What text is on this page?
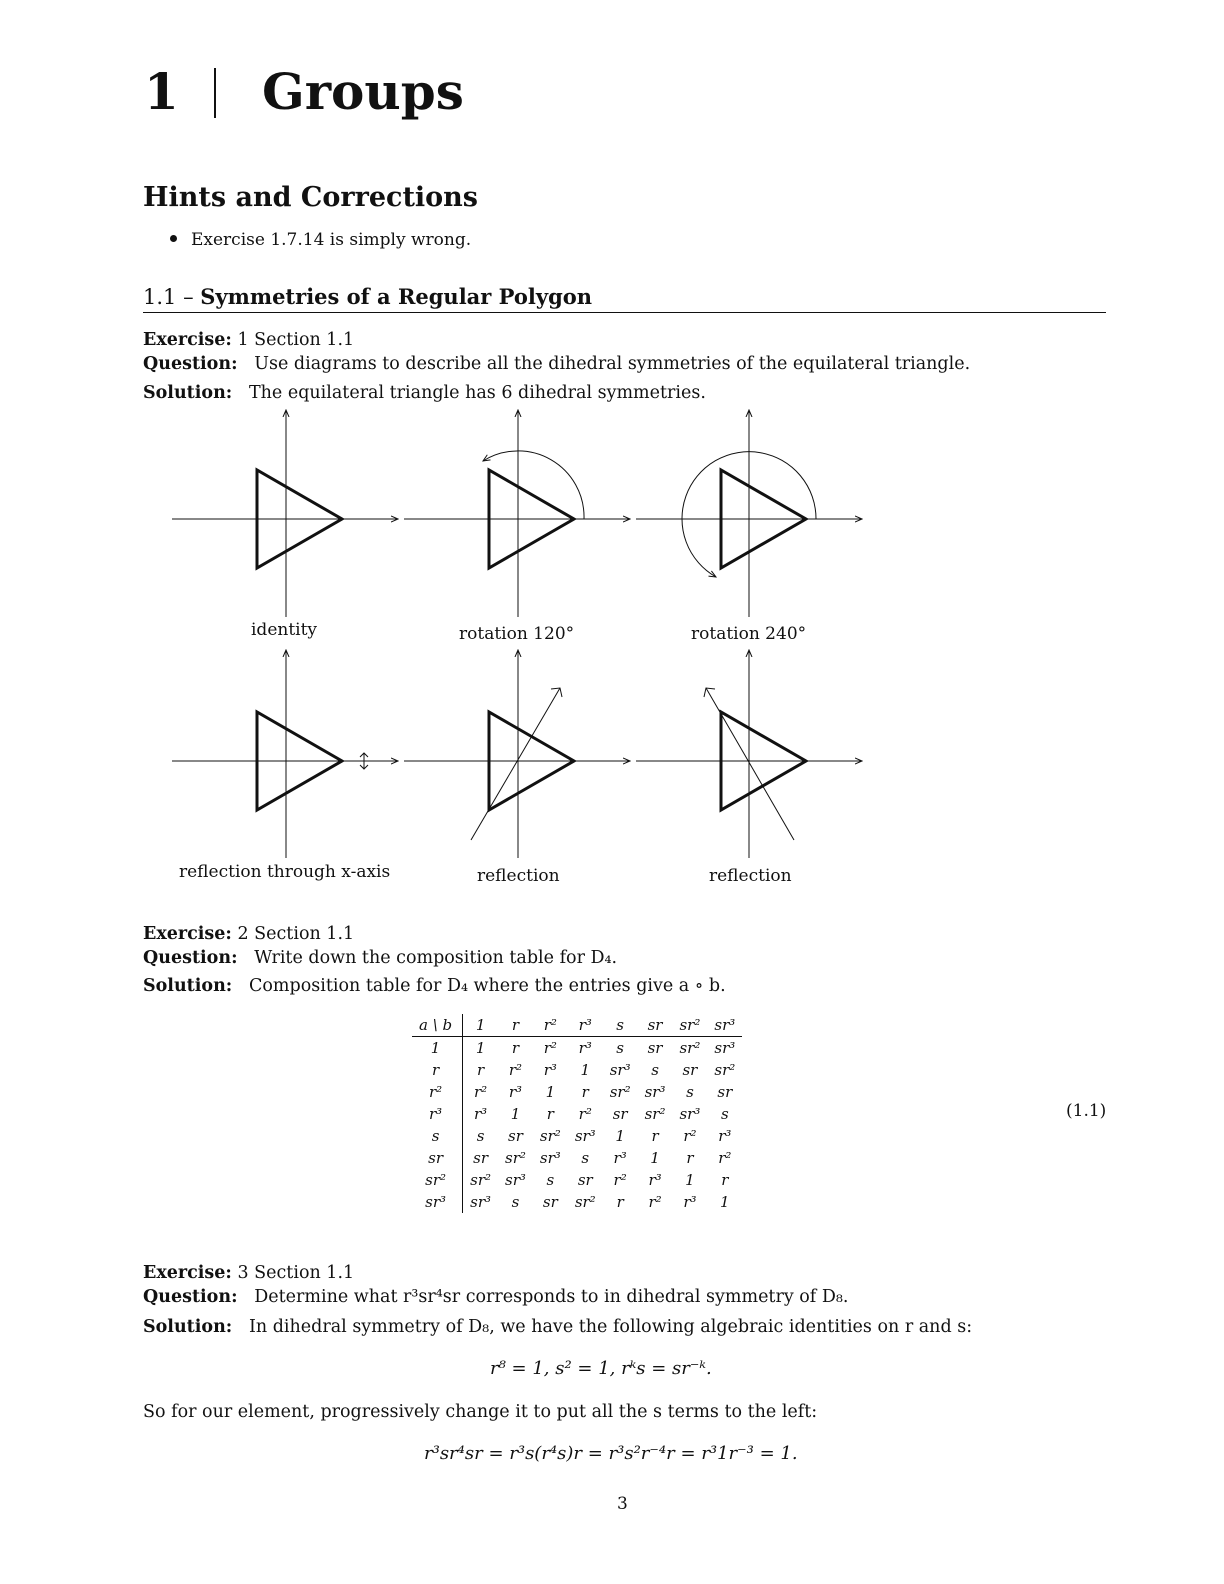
1 Groups
Hints and Corrections
Exercise 1.7.14 is simply wrong.
1.1 – Symmetries of a Regular Polygon
Exercise: 1 Section 1.1
Question: Use diagrams to describe all the dihedral symmetries of the equilateral triangle.
Solution: The equilateral triangle has 6 dihedral symmetries.
identity	rotation 120°	rotation 240°
reflection through x-axis	reflection	reflection
Exercise: 2 Section 1.1
Question: Write down the composition table for D₄.
Solution: Composition table for D₄ where the entries give a ∘ b.
a \ b	1	r	r²	r³	s	sr	sr²	sr³
1	1	r	r²	r³	s	sr	sr²	sr³
r	r	r²	r³	1	sr³	s	sr	sr²
r²	r²	r³	1	r	sr²	sr³	s	sr
r³	r³	1	r	r²	sr	sr²	sr³	s
s	s	sr	sr²	sr³	1	r	r²	r³
sr	sr	sr²	sr³	s	r³	1	r	r²
sr²	sr²	sr³	s	sr	r²	r³	1	r
sr³	sr³	s	sr	sr²	r	r²	r³	1
(1.1)
Exercise: 3 Section 1.1
Question: Determine what r³sr⁴sr corresponds to in dihedral symmetry of D₈.
Solution: In dihedral symmetry of D₈, we have the following algebraic identities on r and s:
r⁸ = 1, s² = 1, rᵏs = sr⁻ᵏ.
So for our element, progressively change it to put all the s terms to the left:
r³sr⁴sr = r³s(r⁴s)r = r³s²r⁻⁴r = r³1r⁻³ = 1.
3
